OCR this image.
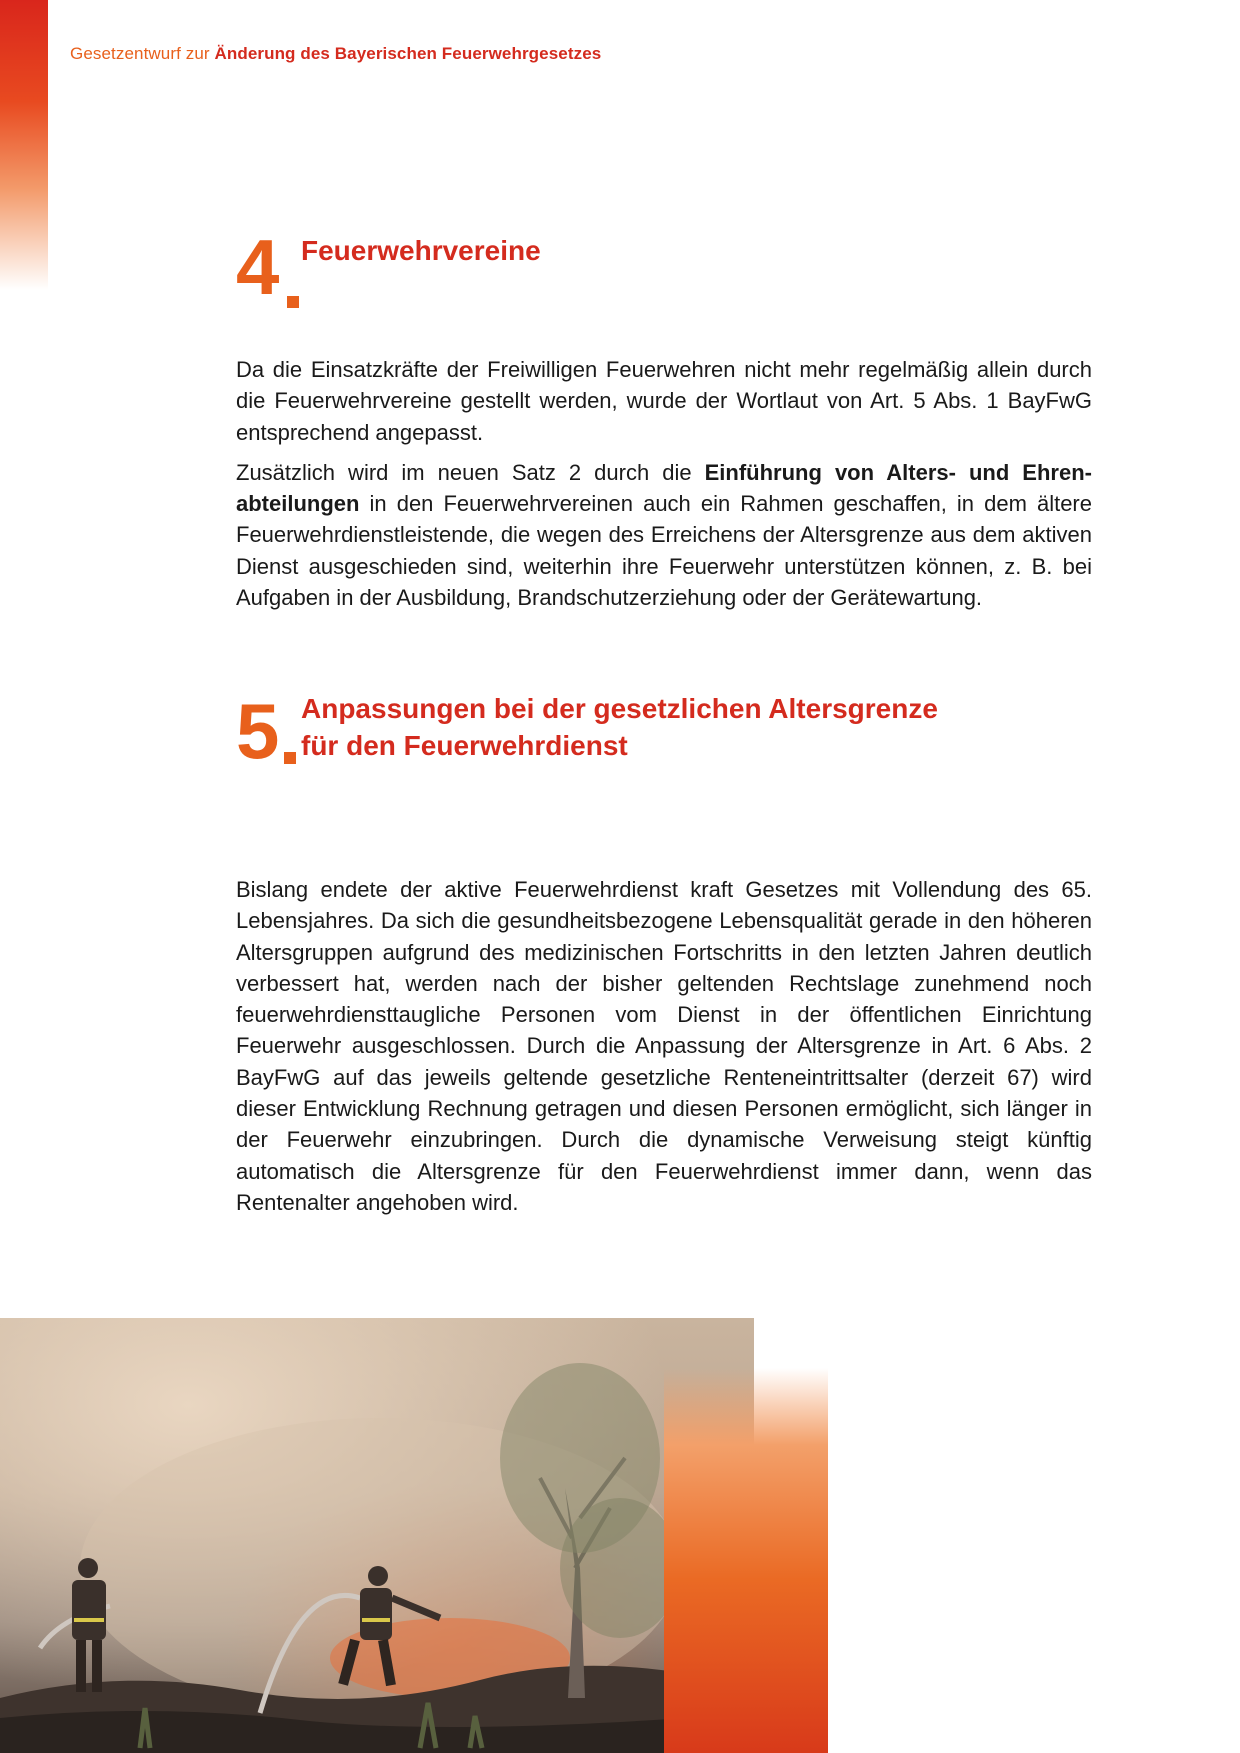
Gesetzentwurf zur Änderung des Bayerischen Feuerwehrgesetzes
4 Feuerwehrvereine

Da die Einsatzkräfte der Freiwilligen Feuerwehren nicht mehr regelmäßig allein durch die Feuerwehrvereine gestellt werden, wurde der Wortlaut von Art. 5 Abs. 1 BayFwG entsprechend angepasst.

Zusätzlich wird im neuen Satz 2 durch die Einführung von Alters- und Ehrenabteilungen in den Feuerwehrvereinen auch ein Rahmen geschaffen, in dem ältere Feuerwehrdienstleistende, die wegen des Erreichens der Altersgrenze aus dem aktiven Dienst ausgeschieden sind, weiterhin ihre Feuerwehr unterstützen können, z. B. bei Aufgaben in der Ausbildung, Brandschutzerziehung oder der Gerätewartung.

5 Anpassungen bei der gesetzlichen Altersgrenze
für den Feuerwehrdienst

Bislang endete der aktive Feuerwehrdienst kraft Gesetzes mit Vollendung des 65. Lebensjahres. Da sich die gesundheitsbezogene Lebensqualität gerade in den höheren Altersgruppen aufgrund des medizinischen Fortschritts in den letzten Jahren deutlich verbessert hat, werden nach der bisher geltenden Rechtslage zunehmend noch feuerwehrdiensttaugliche Personen vom Dienst in der öffentlichen Einrichtung Feuerwehr ausgeschlossen. Durch die Anpassung der Altersgrenze in Art. 6 Abs. 2 BayFwG auf das jeweils geltende gesetzliche Renteneintrittsalter (derzeit 67) wird dieser Entwicklung Rechnung getragen und diesen Personen ermöglicht, sich länger in der Feuerwehr einzubringen. Durch die dynamische Verweisung steigt künftig automatisch die Altersgrenze für den Feuerwehrdienst immer dann, wenn das Rentenalter angehoben wird.
